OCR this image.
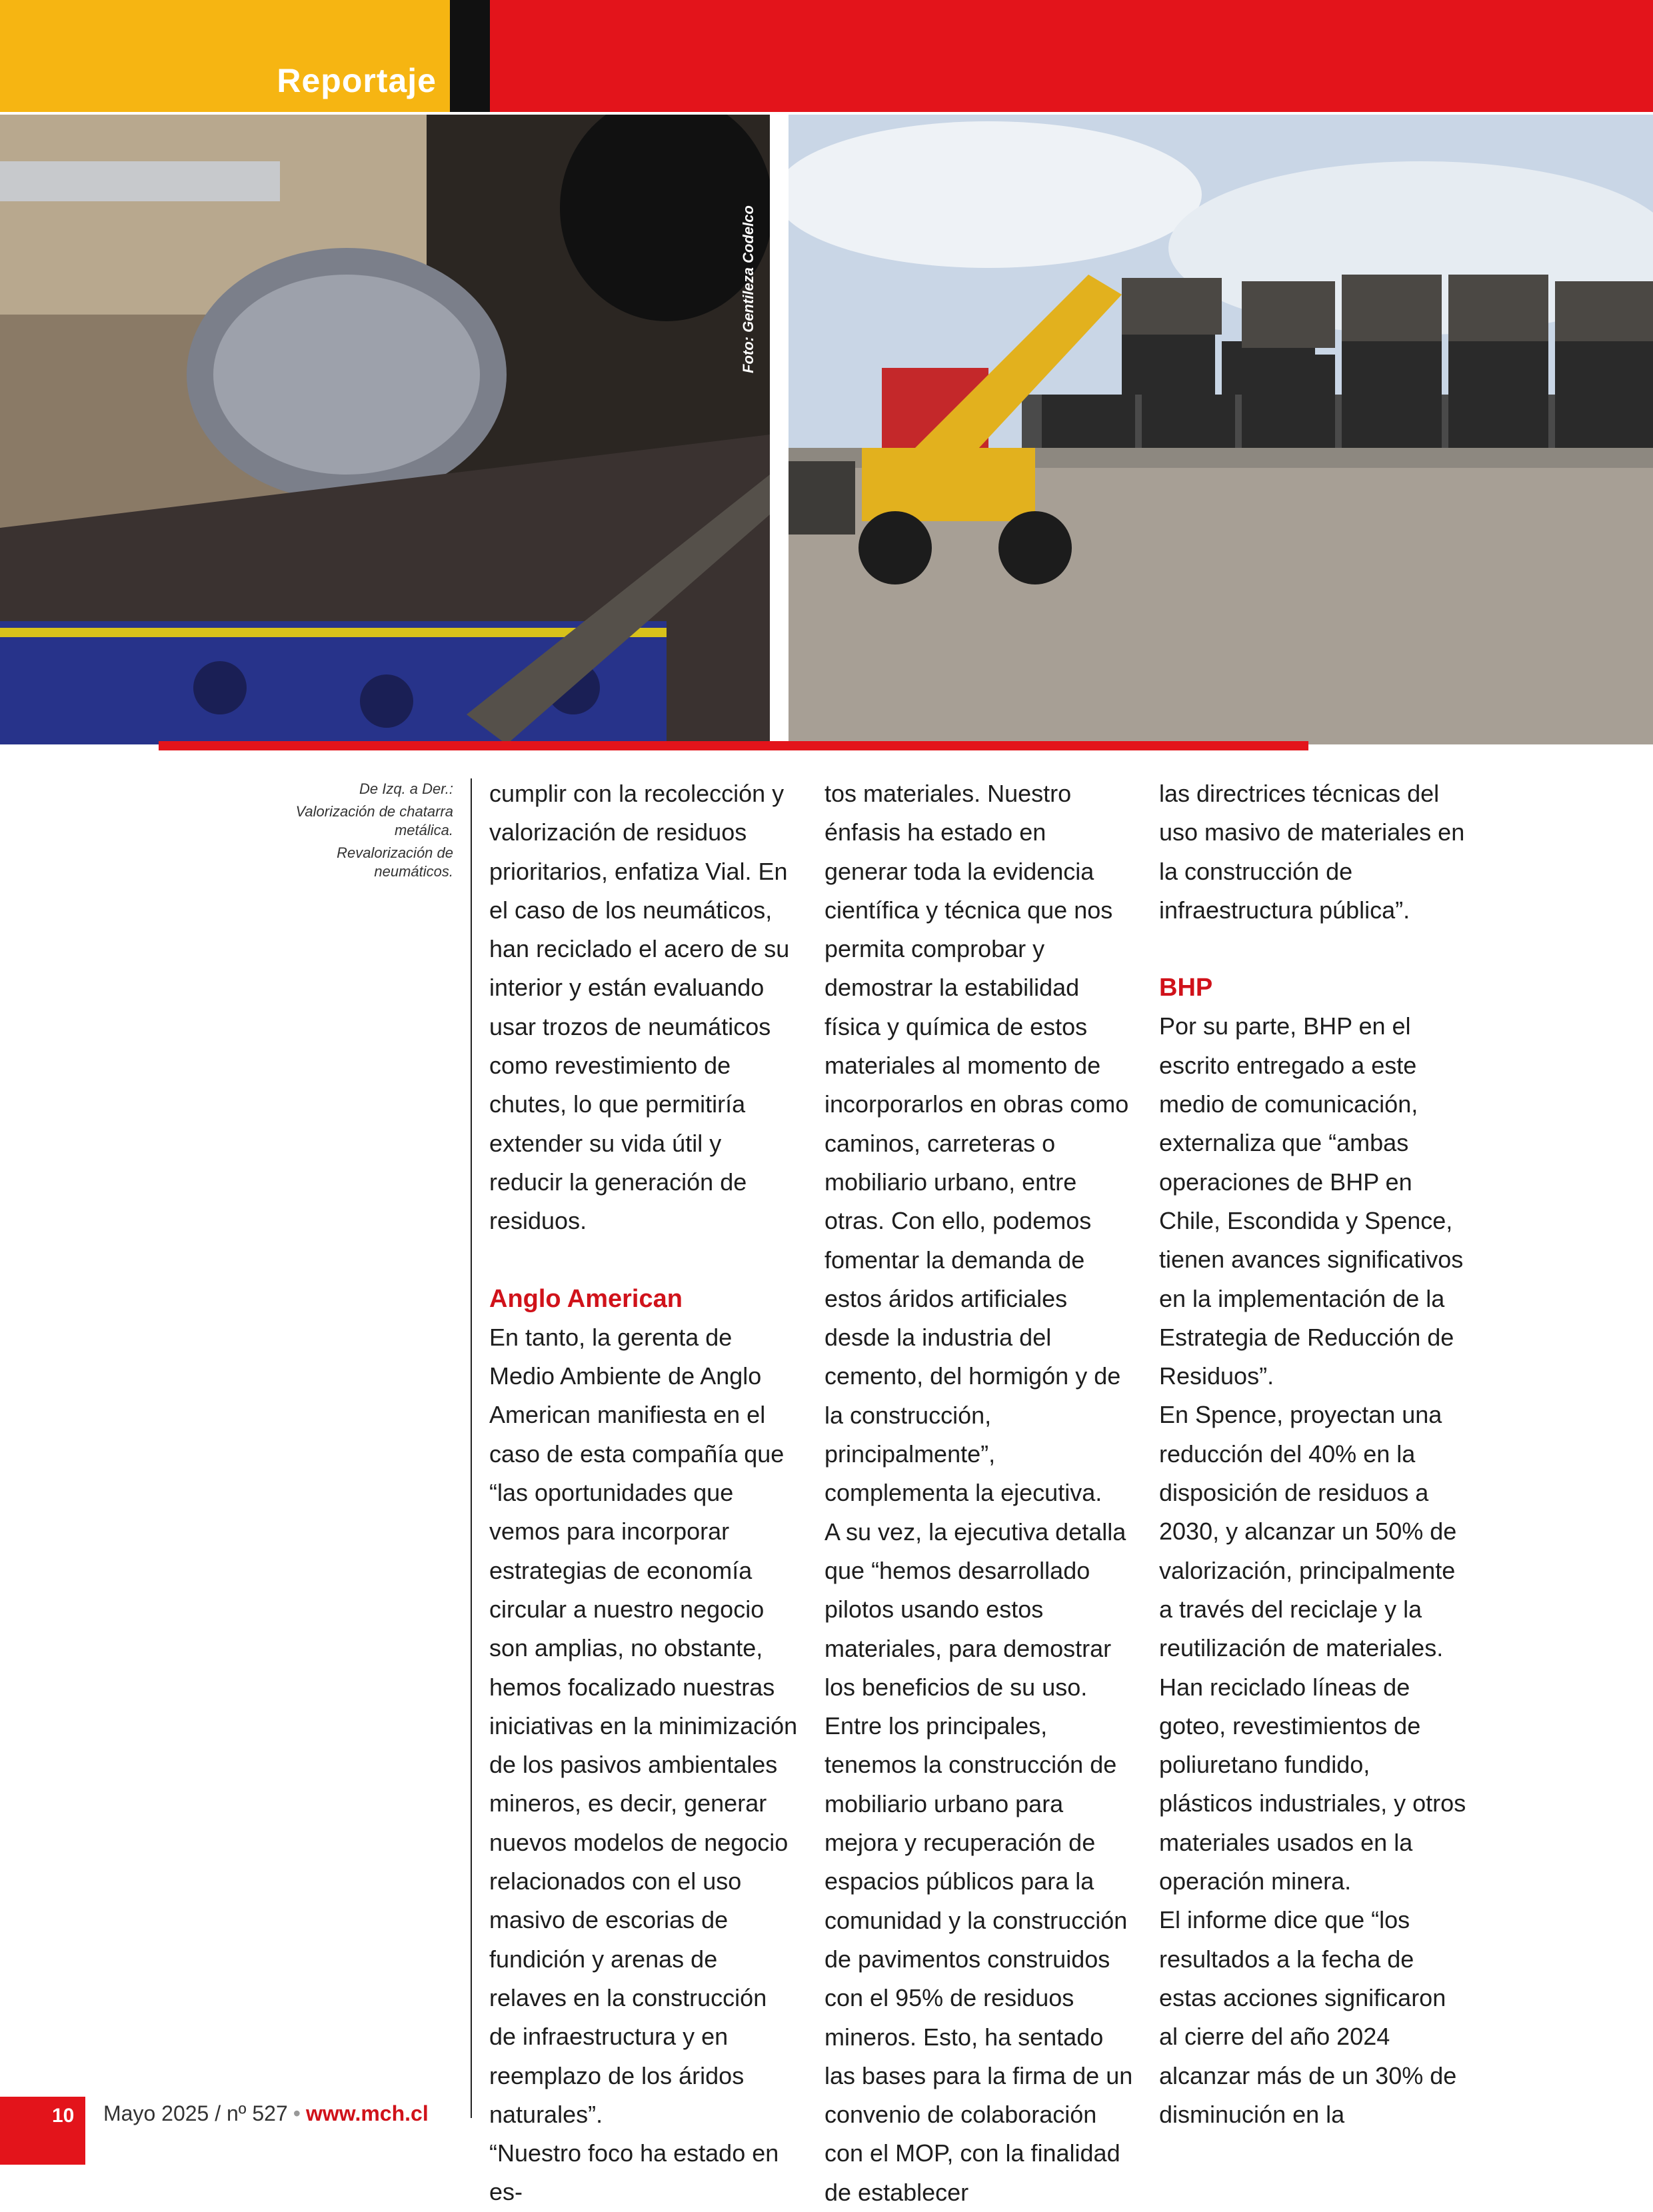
Reportaje
Foto: Gentileza Codelco

De Izq. a Der.:

Valorización de chatarra metálica.

Revalorización de neumáticos.

cumplir con la recolección y valorización de residuos prioritarios, enfatiza Vial. En el caso de los neumáticos, han reciclado el acero de su interior y están evaluando usar trozos de neumáticos como revestimiento de chutes, lo que permitiría extender su vida útil y reducir la generación de residuos.

Anglo American

En tanto, la gerenta de Medio Ambiente de Anglo American manifiesta en el caso de esta compañía que “las oportunidades que vemos para incorporar estrategias de economía circular a nuestro negocio son amplias, no obstante, hemos focalizado nuestras iniciativas en la minimización de los pasivos ambientales mineros, es decir, generar nuevos modelos de negocio relacionados con el uso masivo de escorias de fundición y arenas de relaves en la construcción de infraestructura y en reemplazo de los áridos naturales”.

“Nuestro foco ha estado en es-

tos materiales. Nuestro énfasis ha estado en generar toda la evidencia científica y técnica que nos permita comprobar y demostrar la estabilidad física y química de estos materiales al momento de incorporarlos en obras como caminos, carreteras o mobiliario urbano, entre otras. Con ello, podemos fomentar la demanda de estos áridos artificiales desde la industria del cemento, del hormigón y de la construcción, principalmente”, complementa la ejecutiva.

A su vez, la ejecutiva detalla que “hemos desarrollado pilotos usando estos materiales, para demostrar los beneficios de su uso. Entre los principales, tenemos la construcción de mobiliario urbano para mejora y recuperación de espacios públicos para la comunidad y la construcción de pavimentos construidos con el 95% de residuos mineros. Esto, ha sentado las bases para la firma de un convenio de colaboración con el MOP, con la finalidad de establecer

las directrices técnicas del uso masivo de materiales en la construcción de infraestructura pública”.

BHP

Por su parte, BHP en el escrito entregado a este medio de comunicación, externaliza que “ambas operaciones de BHP en Chile, Escondida y Spence, tienen avances significativos en la implementación de la Estrategia de Reducción de Residuos”.

En Spence, proyectan una reducción del 40% en la disposición de residuos a 2030, y alcanzar un 50% de valorización, principalmente a través del reciclaje y la reutilización de materiales. Han reciclado líneas de goteo, revestimientos de poliuretano fundido, plásticos industriales, y otros materiales usados en la operación minera.

El informe dice que “los resultados a la fecha de estas acciones significaron al cierre del año 2024 alcanzar más de un 30% de disminución en la

10 Mayo 2025 / nº 527 • www.mch.cl
